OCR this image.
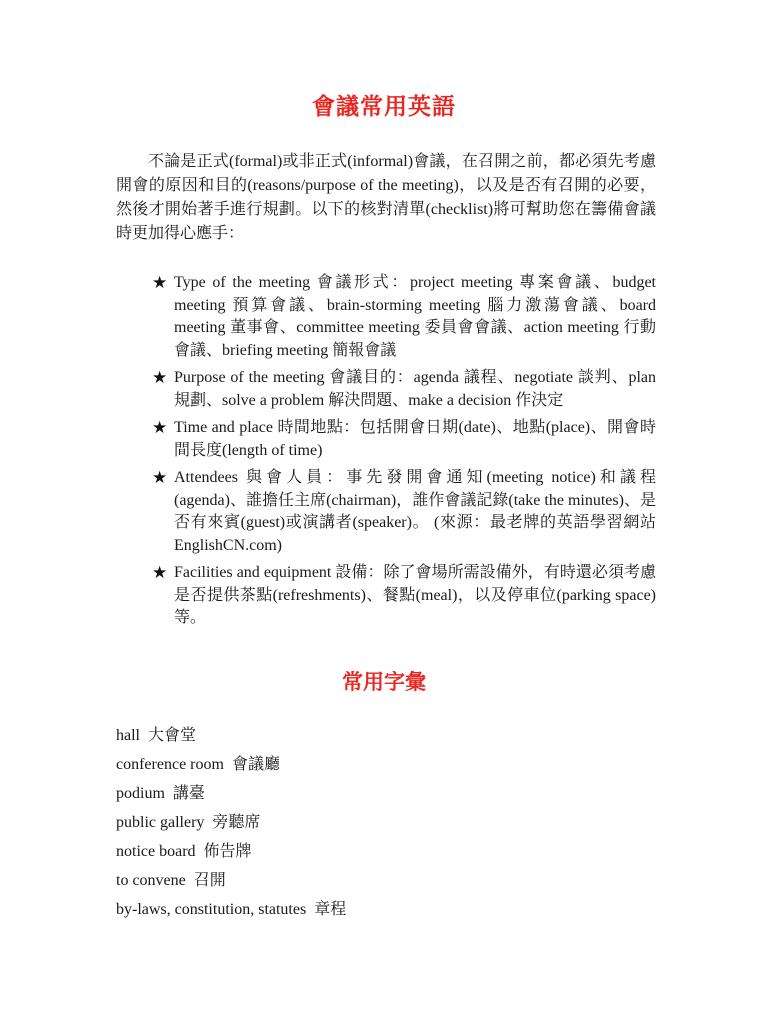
會議常用英語

不論是正式(formal)或非正式(informal)會議，在召開之前，都必須先考慮開會的原因和目的(reasons/purpose of the meeting)，以及是否有召開的必要，然後才開始著手進行規劃。以下的核對清單(checklist)將可幫助您在籌備會議時更加得心應手：

★ Type of the meeting 會議形式：project meeting 專案會議、budget meeting 預算會議、brain-storming meeting 腦力激蕩會議、board meeting 董事會、committee meeting 委員會會議、action meeting 行動會議、briefing meeting 簡報會議
★ Purpose of the meeting 會議目的：agenda 議程、negotiate 談判、plan 規劃、solve a problem 解決問題、make a decision 作決定
★ Time and place 時間地點：包括開會日期(date)、地點(place)、開會時間長度(length of time)
★ Attendees 與會人員：事先發開會通知(meeting notice)和議程(agenda)、誰擔任主席(chairman)，誰作會議記錄(take the minutes)、是否有來賓(guest)或演講者(speaker)。 (來源：最老牌的英語學習網站 EnglishCN.com)
★ Facilities and equipment 設備：除了會場所需設備外，有時還必須考慮是否提供茶點(refreshments)、餐點(meal)，以及停車位(parking space)等。
常用字彙
hall 大會堂
conference room 會議廳
podium 講臺
public gallery 旁聽席
notice board 佈告牌
to convene 召開
by-laws, constitution, statutes 章程
